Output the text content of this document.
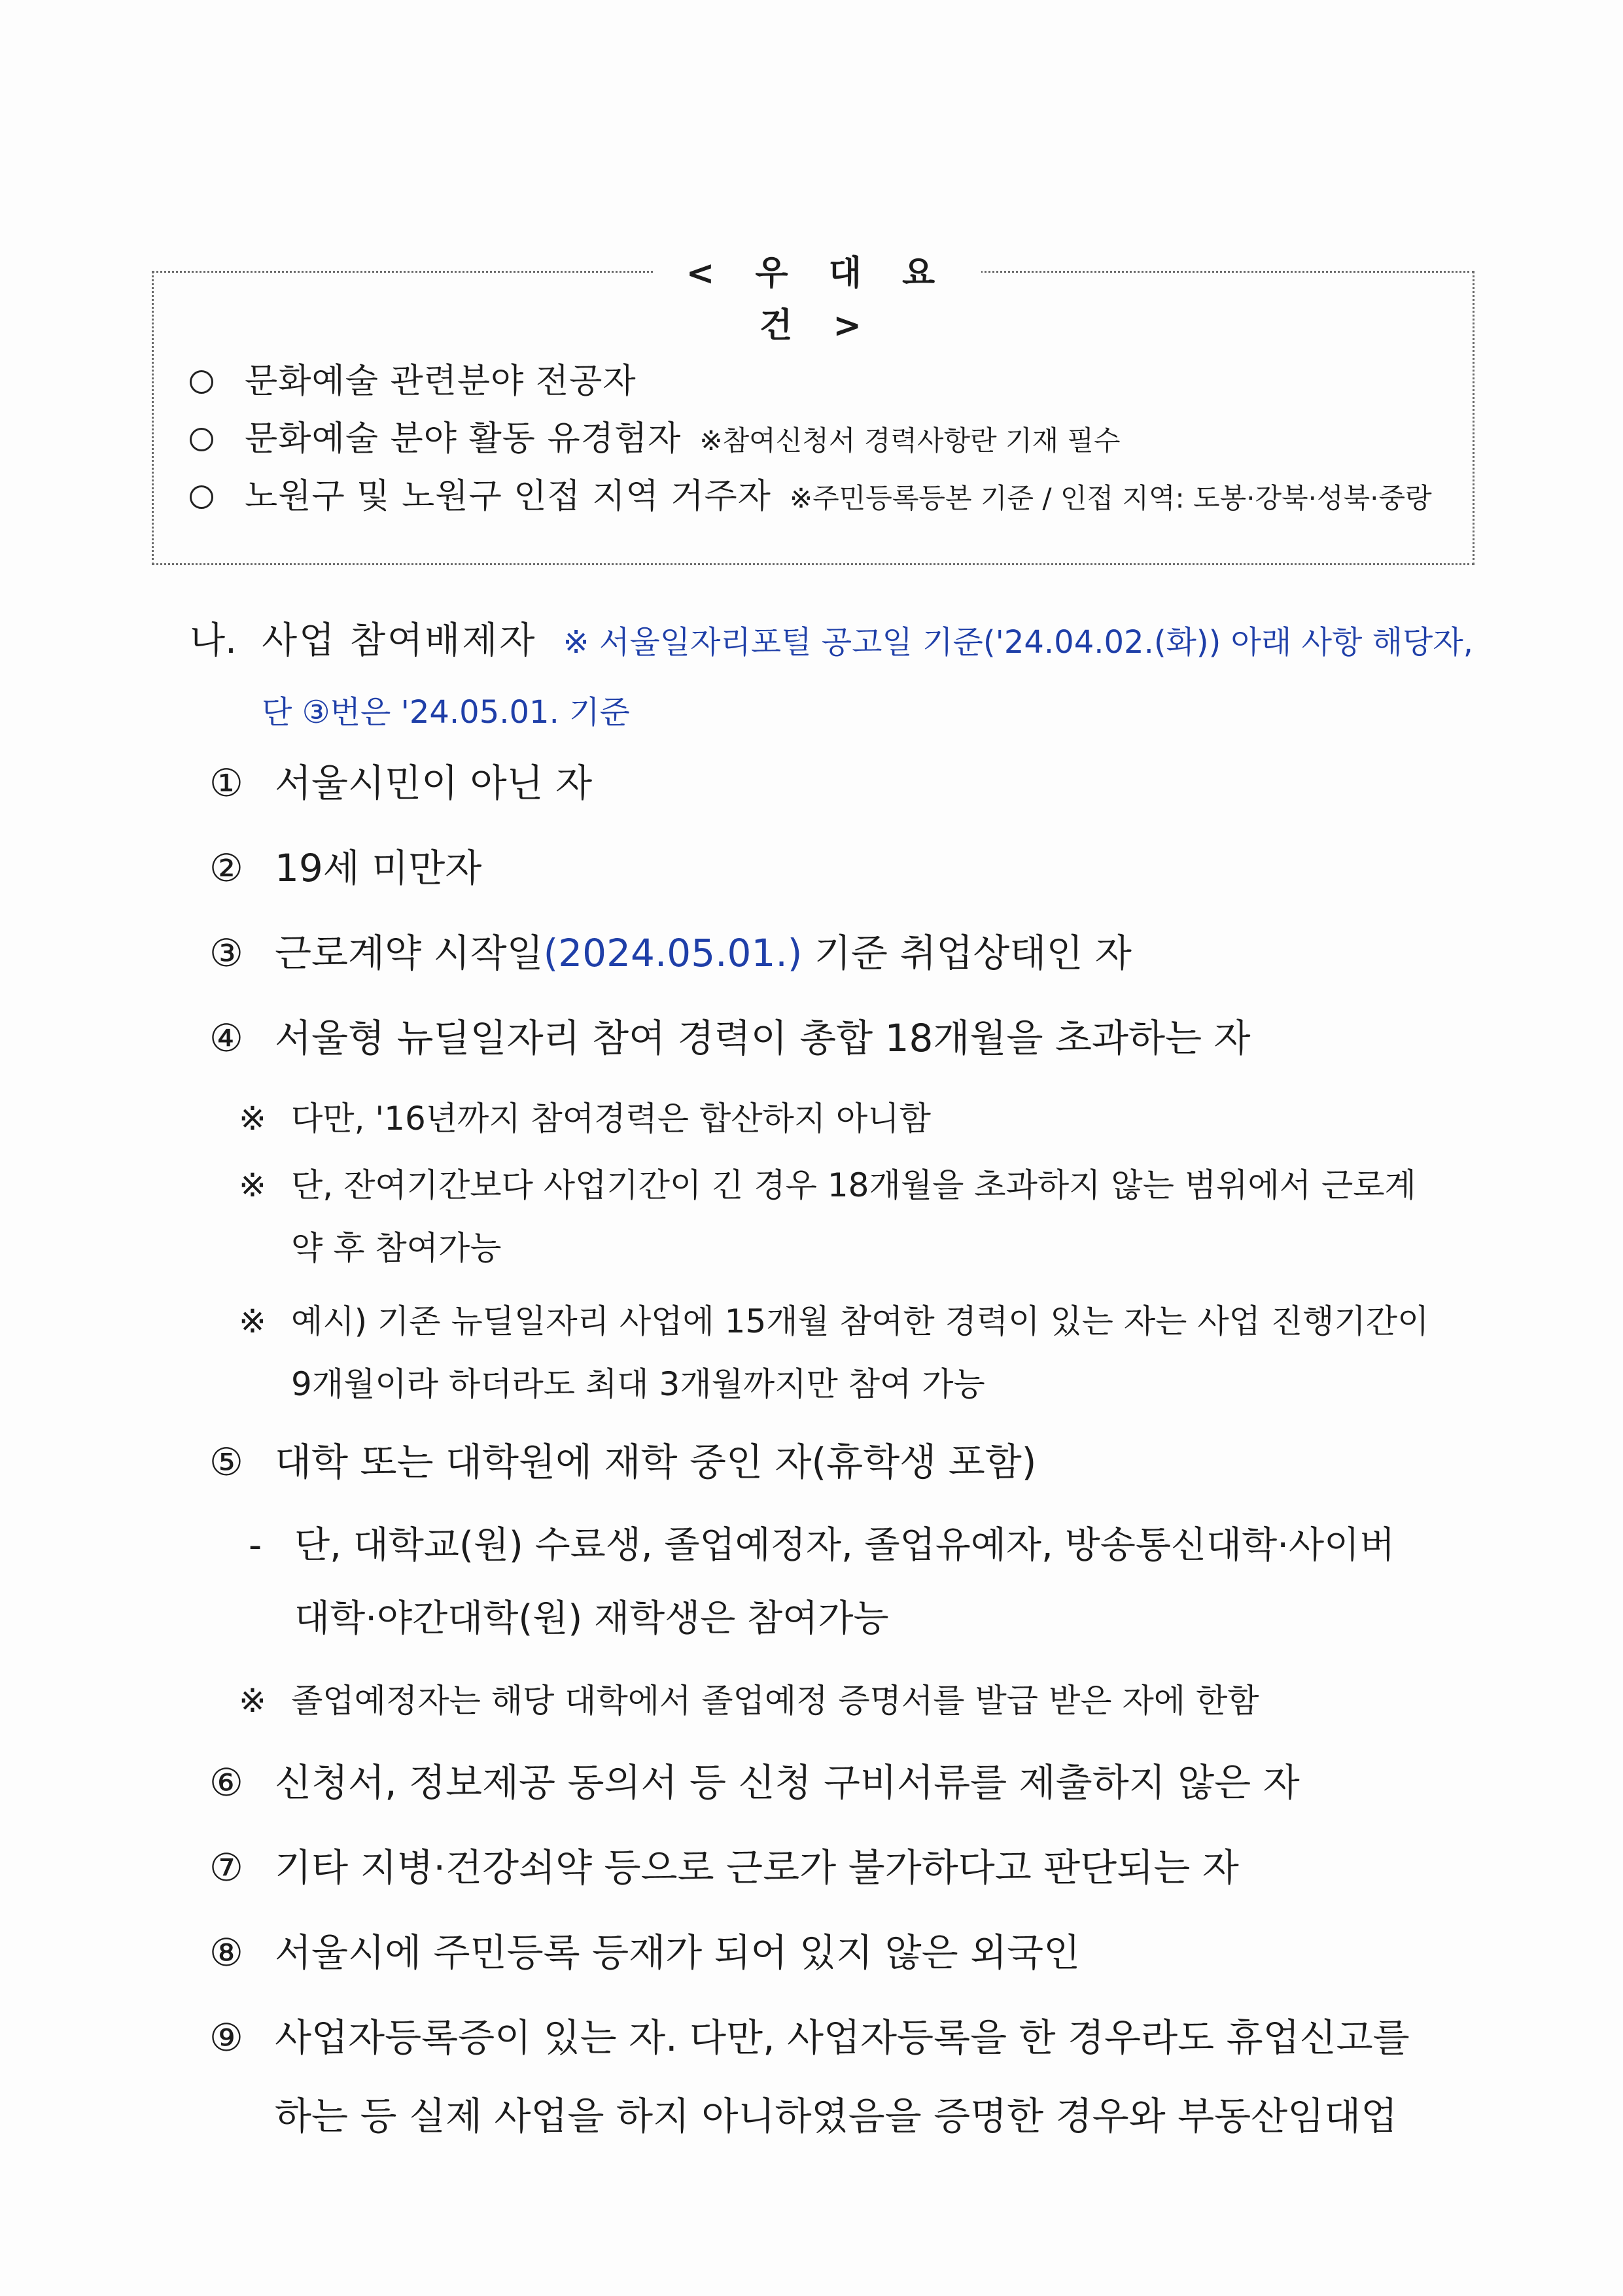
< 우 대 요 건 >
문화예술 관련분야 전공자
문화예술 분야 활동 유경험자 ※참여신청서 경력사항란 기재 필수
노원구 및 노원구 인접 지역 거주자 ※주민등록등본 기준 / 인접 지역: 도봉·강북·성북·중랑
나. 사업 참여배제자 ※ 서울일자리포털 공고일 기준('24.04.02.(화)) 아래 사항 해당자,
단 ③번은 '24.05.01. 기준
① 서울시민이 아닌 자
② 19세 미만자
③ 근로계약 시작일 (2024.05.01.) 기준 취업상태인 자
④ 서울형 뉴딜일자리 참여 경력이 총합 18개월을 초과하는 자
※ 다만, '16년까지 참여경력은 합산하지 아니함
※ 단, 잔여기간보다 사업기간이 긴 경우 18개월을 초과하지 않는 범위에서 근로계
약 후 참여가능
※ 예시) 기존 뉴딜일자리 사업에 15개월 참여한 경력이 있는 자는 사업 진행기간이
9개월이라 하더라도 최대 3개월까지만 참여 가능
⑤ 대학 또는 대학원에 재학 중인 자(휴학생 포함)
- 단, 대학교(원) 수료생, 졸업예정자, 졸업유예자, 방송통신대학·사이버
대학·야간대학(원) 재학생은 참여가능
※ 졸업예정자는 해당 대학에서 졸업예정 증명서를 발급 받은 자에 한함
⑥ 신청서, 정보제공 동의서 등 신청 구비서류를 제출하지 않은 자
⑦ 기타 지병·건강쇠약 등으로 근로가 불가하다고 판단되는 자
⑧ 서울시에 주민등록 등재가 되어 있지 않은 외국인
⑨ 사업자등록증이 있는 자. 다만, 사업자등록을 한 경우라도 휴업신고를
하는 등 실제 사업을 하지 아니하였음을 증명한 경우와 부동산임대업
